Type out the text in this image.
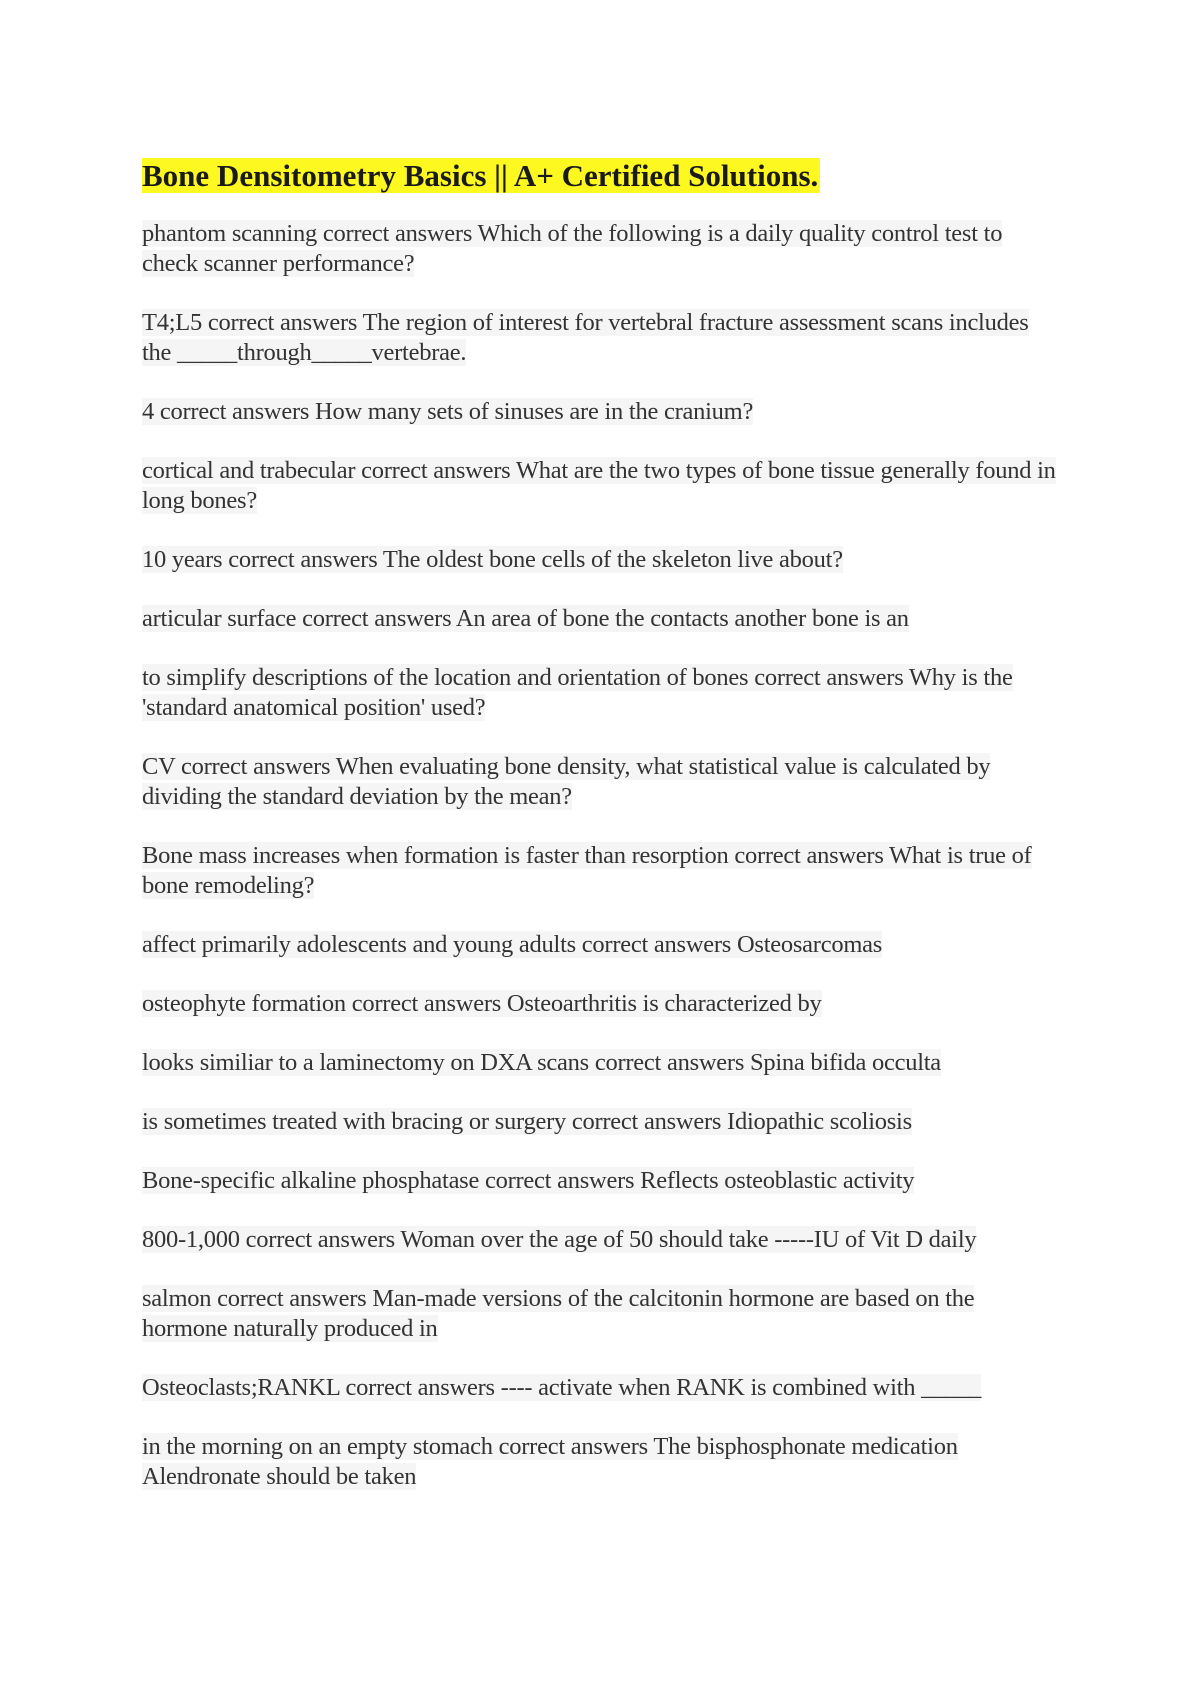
Bone Densitometry Basics || A+ Certified Solutions.

phantom scanning correct answers Which of the following is a daily quality control test to check scanner performance?

T4;L5 correct answers The region of interest for vertebral fracture assessment scans includes the _____through_____vertebrae.

4 correct answers How many sets of sinuses are in the cranium?

cortical and trabecular correct answers What are the two types of bone tissue generally found in long bones?

10 years correct answers The oldest bone cells of the skeleton live about?

articular surface correct answers An area of bone the contacts another bone is an

to simplify descriptions of the location and orientation of bones correct answers Why is the 'standard anatomical position' used?

CV correct answers When evaluating bone density, what statistical value is calculated by dividing the standard deviation by the mean?

Bone mass increases when formation is faster than resorption correct answers What is true of bone remodeling?

affect primarily adolescents and young adults correct answers Osteosarcomas

osteophyte formation correct answers Osteoarthritis is characterized by

looks similiar to a laminectomy on DXA scans correct answers Spina bifida occulta

is sometimes treated with bracing or surgery correct answers Idiopathic scoliosis

Bone-specific alkaline phosphatase correct answers Reflects osteoblastic activity

800-1,000 correct answers Woman over the age of 50 should take -----IU of Vit D daily

salmon correct answers Man-made versions of the calcitonin hormone are based on the hormone naturally produced in

Osteoclasts;RANKL correct answers ---- activate when RANK is combined with _____

in the morning on an empty stomach correct answers The bisphosphonate medication Alendronate should be taken
